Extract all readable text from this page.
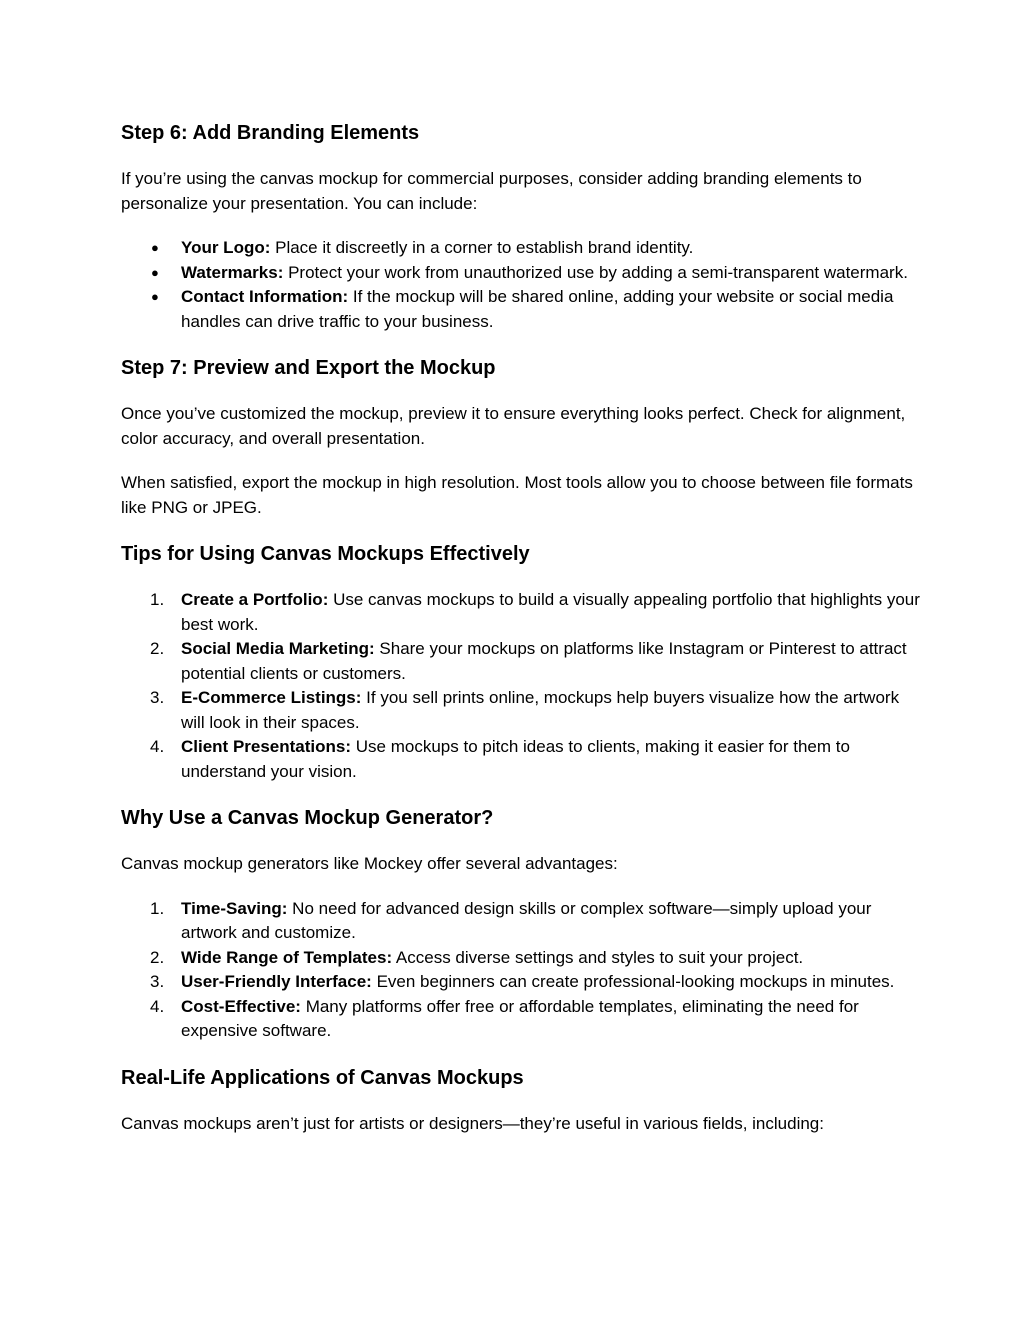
Step 6: Add Branding Elements

If you’re using the canvas mockup for commercial purposes, consider adding branding elements to personalize your presentation. You can include:

● Your Logo: Place it discreetly in a corner to establish brand identity.
● Watermarks: Protect your work from unauthorized use by adding a semi-transparent watermark.
● Contact Information: If the mockup will be shared online, adding your website or social media handles can drive traffic to your business.
Step 7: Preview and Export the Mockup

Once you’ve customized the mockup, preview it to ensure everything looks perfect. Check for alignment, color accuracy, and overall presentation.

When satisfied, export the mockup in high resolution. Most tools allow you to choose between file formats like PNG or JPEG.

Tips for Using Canvas Mockups Effectively
1. Create a Portfolio: Use canvas mockups to build a visually appealing portfolio that highlights your best work.
2. Social Media Marketing: Share your mockups on platforms like Instagram or Pinterest to attract potential clients or customers.
3. E-Commerce Listings: If you sell prints online, mockups help buyers visualize how the artwork will look in their spaces.
4. Client Presentations: Use mockups to pitch ideas to clients, making it easier for them to understand your vision.
Why Use a Canvas Mockup Generator?

Canvas mockup generators like Mockey offer several advantages:

1. Time-Saving: No need for advanced design skills or complex software—simply upload your artwork and customize.
2. Wide Range of Templates: Access diverse settings and styles to suit your project.
3. User-Friendly Interface: Even beginners can create professional-looking mockups in minutes.
4. Cost-Effective: Many platforms offer free or affordable templates, eliminating the need for expensive software.
Real-Life Applications of Canvas Mockups

Canvas mockups aren’t just for artists or designers—they’re useful in various fields, including:
